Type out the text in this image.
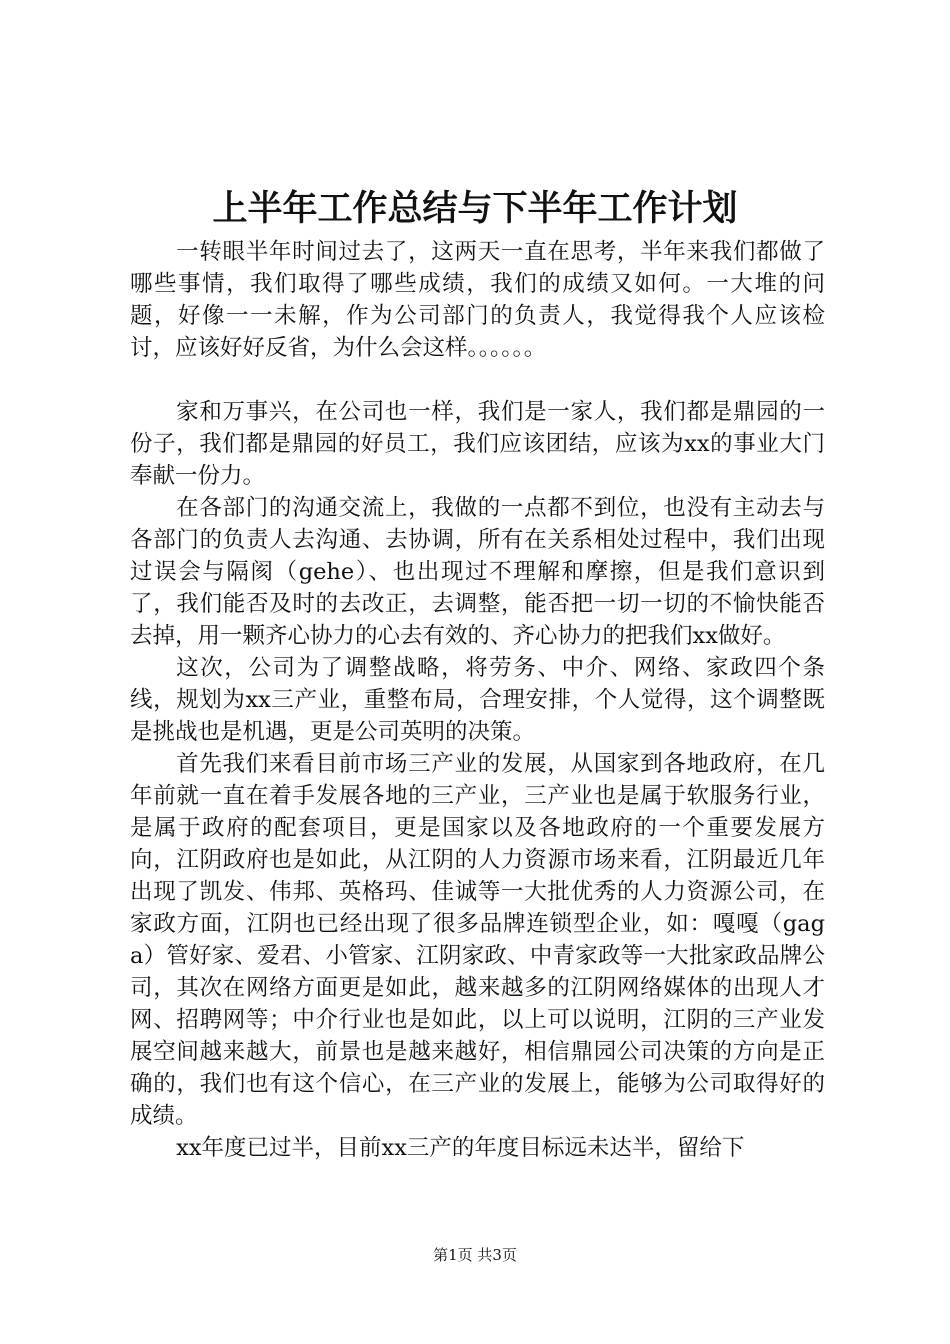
上半年工作总结与下半年工作计划

一转眼半年时间过去了，这两天一直在思考，半年来我们都做了哪些事情，我们取得了哪些成绩，我们的成绩又如何。一大堆的问题，好像一一未解，作为公司部门的负责人，我觉得我个人应该检讨，应该好好反省，为什么会这样。。。。。。

家和万事兴，在公司也一样，我们是一家人，我们都是鼎园的一份子，我们都是鼎园的好员工，我们应该团结，应该为xx的事业大门奉献一份力。

在各部门的沟通交流上，我做的一点都不到位，也没有主动去与各部门的负责人去沟通、去协调，所有在关系相处过程中，我们出现过误会与隔阂（gehe）、也出现过不理解和摩擦，但是我们意识到了，我们能否及时的去改正，去调整，能否把一切一切的不愉快能否去掉，用一颗齐心协力的心去有效的、齐心协力的把我们xx做好。

这次，公司为了调整战略，将劳务、中介、网络、家政四个条线，规划为xx三产业，重整布局，合理安排，个人觉得，这个调整既是挑战也是机遇，更是公司英明的决策。

首先我们来看目前市场三产业的发展，从国家到各地政府，在几年前就一直在着手发展各地的三产业，三产业也是属于软服务行业，是属于政府的配套项目，更是国家以及各地政府的一个重要发展方向，江阴政府也是如此，从江阴的人力资源市场来看，江阴最近几年出现了凯发、伟邦、英格玛、佳诚等一大批优秀的人力资源公司，在家政方面，江阴也已经出现了很多品牌连锁型企业，如：嘎嘎（gaga）管好家、爱君、小管家、江阴家政、中青家政等一大批家政品牌公司，其次在网络方面更是如此，越来越多的江阴网络媒体的出现人才网、招聘网等；中介行业也是如此，以上可以说明，江阴的三产业发展空间越来越大，前景也是越来越好，相信鼎园公司决策的方向是正确的，我们也有这个信心，在三产业的发展上，能够为公司取得好的成绩。

xx年度已过半，目前xx三产的年度目标远未达半，留给下

第1页 共3页
